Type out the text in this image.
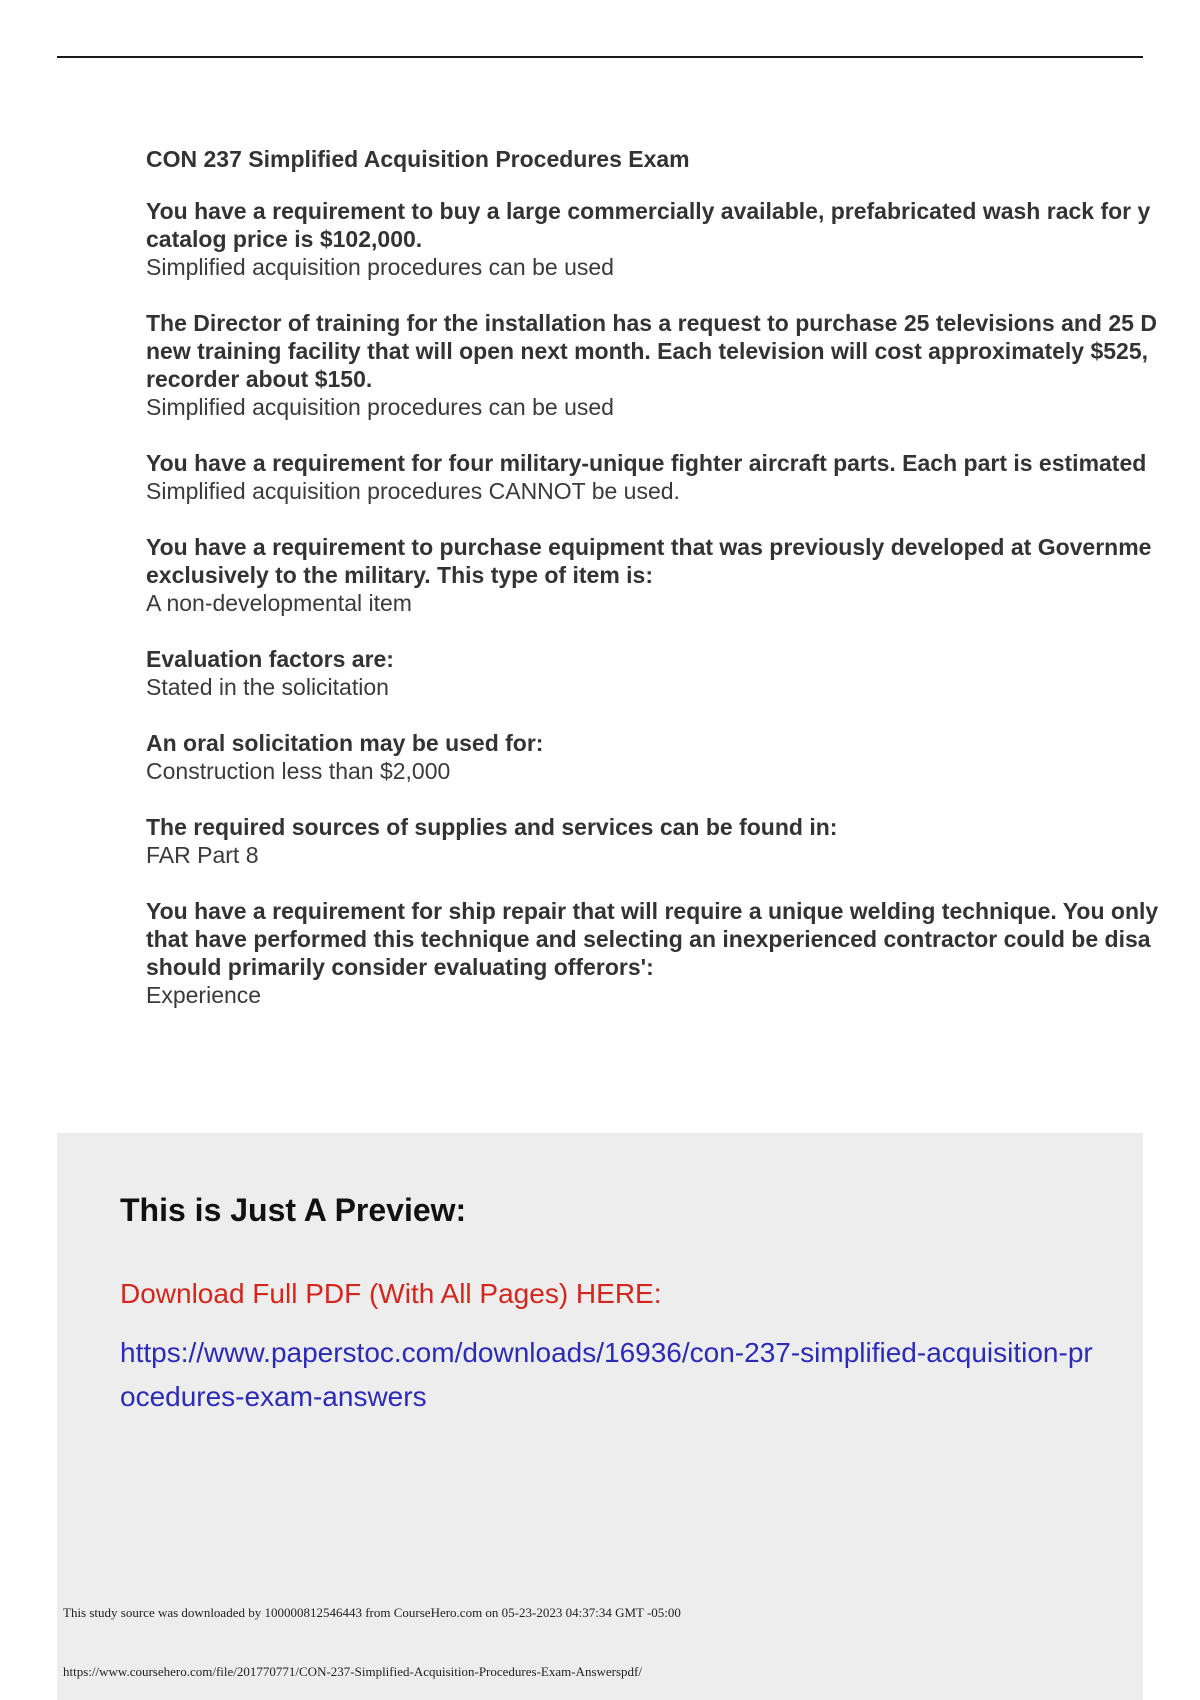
CON 237 Simplified Acquisition Procedures Exam
You have a requirement to buy a large commercially available, prefabricated wash rack for y
catalog price is $102,000.
Simplified acquisition procedures can be used
The Director of training for the installation has a request to purchase 25 televisions and 25 D
new training facility that will open next month. Each television will cost approximately $525,
recorder about $150.
Simplified acquisition procedures can be used
You have a requirement for four military-unique fighter aircraft parts. Each part is estimated
Simplified acquisition procedures CANNOT be used.
You have a requirement to purchase equipment that was previously developed at Governme
exclusively to the military. This type of item is:
A non-developmental item
Evaluation factors are:
Stated in the solicitation
An oral solicitation may be used for:
Construction less than $2,000
The required sources of supplies and services can be found in:
FAR Part 8
You have a requirement for ship repair that will require a unique welding technique. You only
that have performed this technique and selecting an inexperienced contractor could be disa
should primarily consider evaluating offerors':
Experience
This is Just A Preview:
Download Full PDF (With All Pages) HERE:
https://www.paperstoc.com/downloads/16936/con-237-simplified-acquisition-procedures-exam-answers
This study source was downloaded by 100000812546443 from CourseHero.com on 05-23-2023 04:37:34 GMT -05:00
https://www.coursehero.com/file/201770771/CON-237-Simplified-Acquisition-Procedures-Exam-Answerspdf/
